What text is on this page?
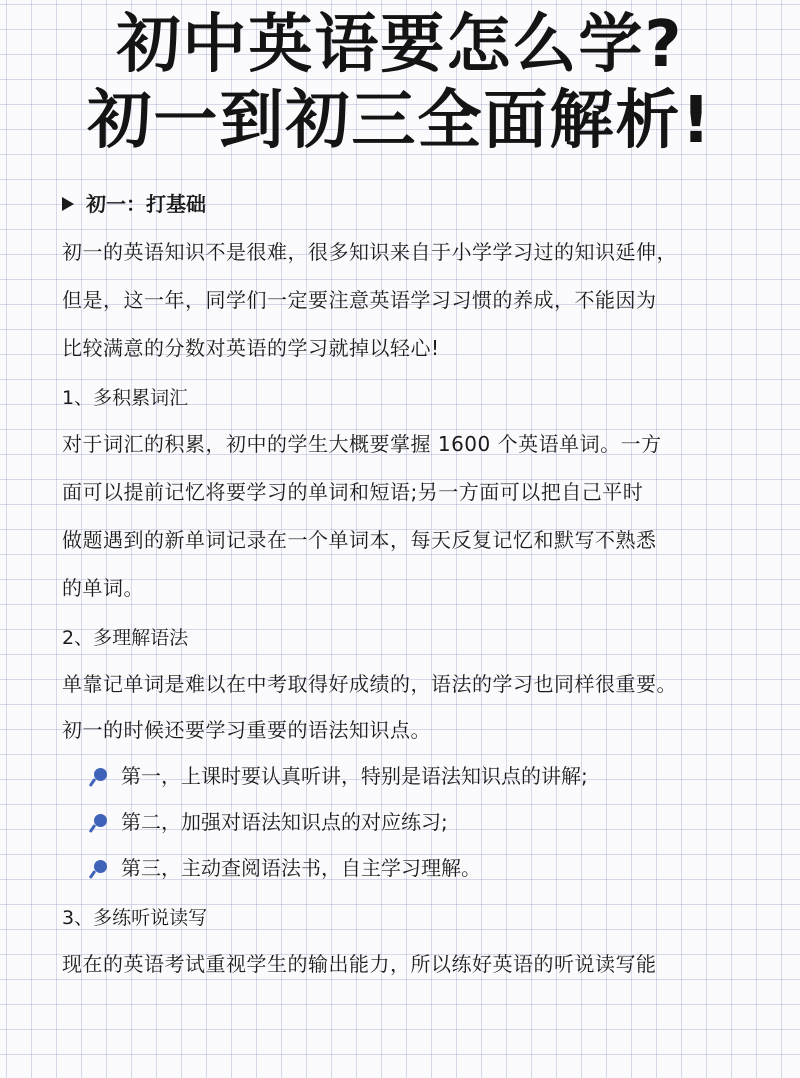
初中英语要怎么学?
初一到初三全面解析!
初一：打基础
初一的英语知识不是很难，很多知识来自于小学学习过的知识延伸，
但是，这一年，同学们一定要注意英语学习习惯的养成，不能因为
比较满意的分数对英语的学习就掉以轻心!
1、多积累词汇
对于词汇的积累，初中的学生大概要掌握 1600 个英语单词。一方
面可以提前记忆将要学习的单词和短语;另一方面可以把自己平时
做题遇到的新单词记录在一个单词本，每天反复记忆和默写不熟悉
的单词。
2、多理解语法
单靠记单词是难以在中考取得好成绩的，语法的学习也同样很重要。
初一的时候还要学习重要的语法知识点。
第一，上课时要认真听讲，特别是语法知识点的讲解;
第二，加强对语法知识点的对应练习;
第三，主动查阅语法书，自主学习理解。
3、多练听说读写
现在的英语考试重视学生的输出能力，所以练好英语的听说读写能
